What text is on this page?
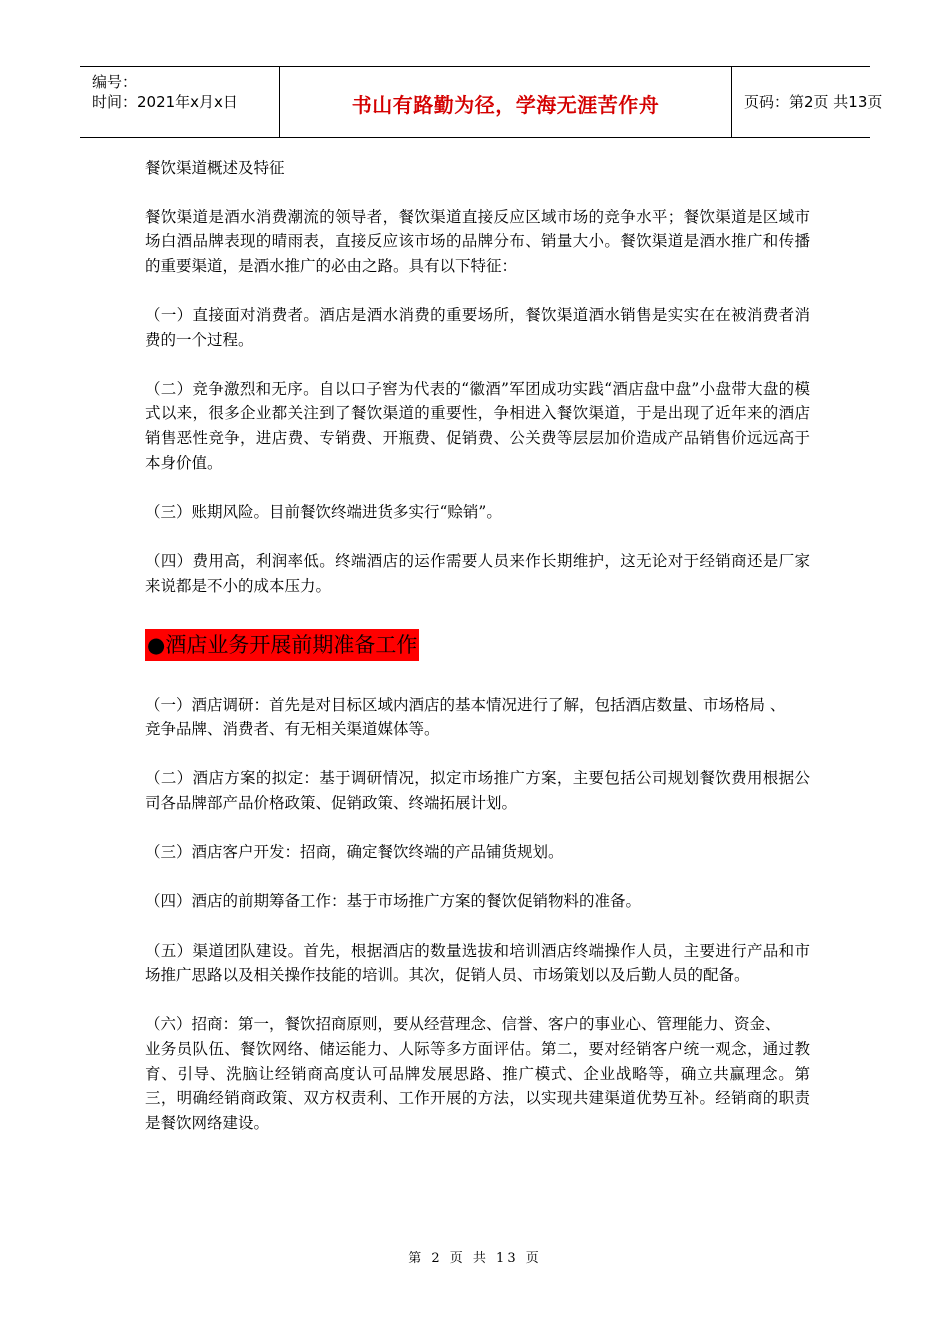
编号：
时间：2021年x月x日	书山有路勤为径，学海无涯苦作舟	页码：第2页 共13页

餐饮渠道概述及特征

餐饮渠道是酒水消费潮流的领导者，餐饮渠道直接反应区域市场的竞争水平；餐饮渠道是区域市场白酒品牌表现的晴雨表，直接反应该市场的品牌分布、销量大小。餐饮渠道是酒水推广和传播的重要渠道，是酒水推广的必由之路。具有以下特征：

（一）直接面对消费者。酒店是酒水消费的重要场所，餐饮渠道酒水销售是实实在在被消费者消费的一个过程。

（二）竞争激烈和无序。自以口子窖为代表的“徽酒”军团成功实践“酒店盘中盘”小盘带大盘的模式以来，很多企业都关注到了餐饮渠道的重要性，争相进入餐饮渠道，于是出现了近年来的酒店销售恶性竞争，进店费、专销费、开瓶费、促销费、公关费等层层加价造成产品销售价远远高于本身价值。

（三）账期风险。目前餐饮终端进货多实行“赊销”。

（四）费用高，利润率低。终端酒店的运作需要人员来作长期维护，这无论对于经销商还是厂家来说都是不小的成本压力。

●酒店业务开展前期准备工作

（一）酒店调研：首先是对目标区域内酒店的基本情况进行了解，包括酒店数量、市场格局 、

竞争品牌、消费者、有无相关渠道媒体等。

（二）酒店方案的拟定：基于调研情况，拟定市场推广方案，主要包括公司规划餐饮费用根据公司各品牌部产品价格政策、促销政策、终端拓展计划。

（三）酒店客户开发：招商，确定餐饮终端的产品铺货规划。

（四）酒店的前期筹备工作：基于市场推广方案的餐饮促销物料的准备。

（五）渠道团队建设。首先，根据酒店的数量选拔和培训酒店终端操作人员，主要进行产品和市场推广思路以及相关操作技能的培训。其次，促销人员、市场策划以及后勤人员的配备。

（六）招商：第一，餐饮招商原则，要从经营理念、信誉、客户的事业心、管理能力、资金、

业务员队伍、餐饮网络、储运能力、人际等多方面评估。第二，要对经销客户统一观念，通过教育、引导、洗脑让经销商高度认可品牌发展思路、推广模式、企业战略等，确立共赢理念。第三，明确经销商政策、双方权责利、工作开展的方法，以实现共建渠道优势互补。经销商的职责是餐饮网络建设。

第 2 页 共 13 页
